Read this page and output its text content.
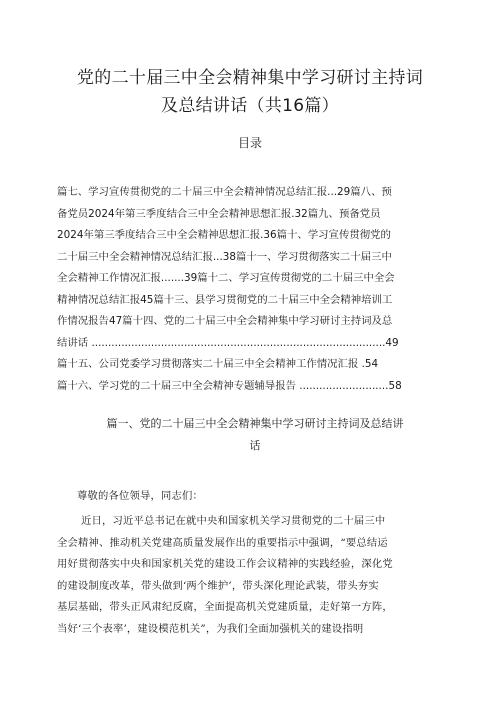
党的二十届三中全会精神集中学习研讨主持词
及总结讲话（共16篇）
目录
篇七、学习宣传贯彻党的二十届三中全会精神情况总结汇报...29篇八、预
备党员2024年第三季度结合三中全会精神思想汇报.32篇九、预备党员
2024年第三季度结合三中全会精神思想汇报.36篇十、学习宣传贯彻党的
二十届三中全会精神情况总结汇报...38篇十一、学习贯彻落实二十届三中
全会精神工作情况汇报.......39篇十二、学习宣传贯彻党的二十届三中全会
精神情况总结汇报45篇十三、县学习贯彻党的二十届三中全会精神培训工
作情况报告47篇十四、党的二十届三中全会精神集中学习研讨主持词及总
结讲话 .........................................................................................49
篇十五、公司党委学习贯彻落实二十届三中全会精神工作情况汇报 .54
篇十六、学习党的二十届三中全会精神专题辅导报告 ...........................58
篇一、党的二十届三中全会精神集中学习研讨主持词及总结讲
话
尊敬的各位领导，同志们：
近日，习近平总书记在就中央和国家机关学习贯彻党的二十届三中
全会精神、推动机关党建高质量发展作出的重要指示中强调，“要总结运
用好贯彻落实中央和国家机关党的建设工作会议精神的实践经验，深化党
的建设制度改革，带头做到‘两个维护’，带头深化理论武装，带头夯实
基层基础，带头正风肃纪反腐，全面提高机关党建质量，走好第一方阵，
当好‘三个表率’，建设模范机关”，为我们全面加强机关的建设指明
